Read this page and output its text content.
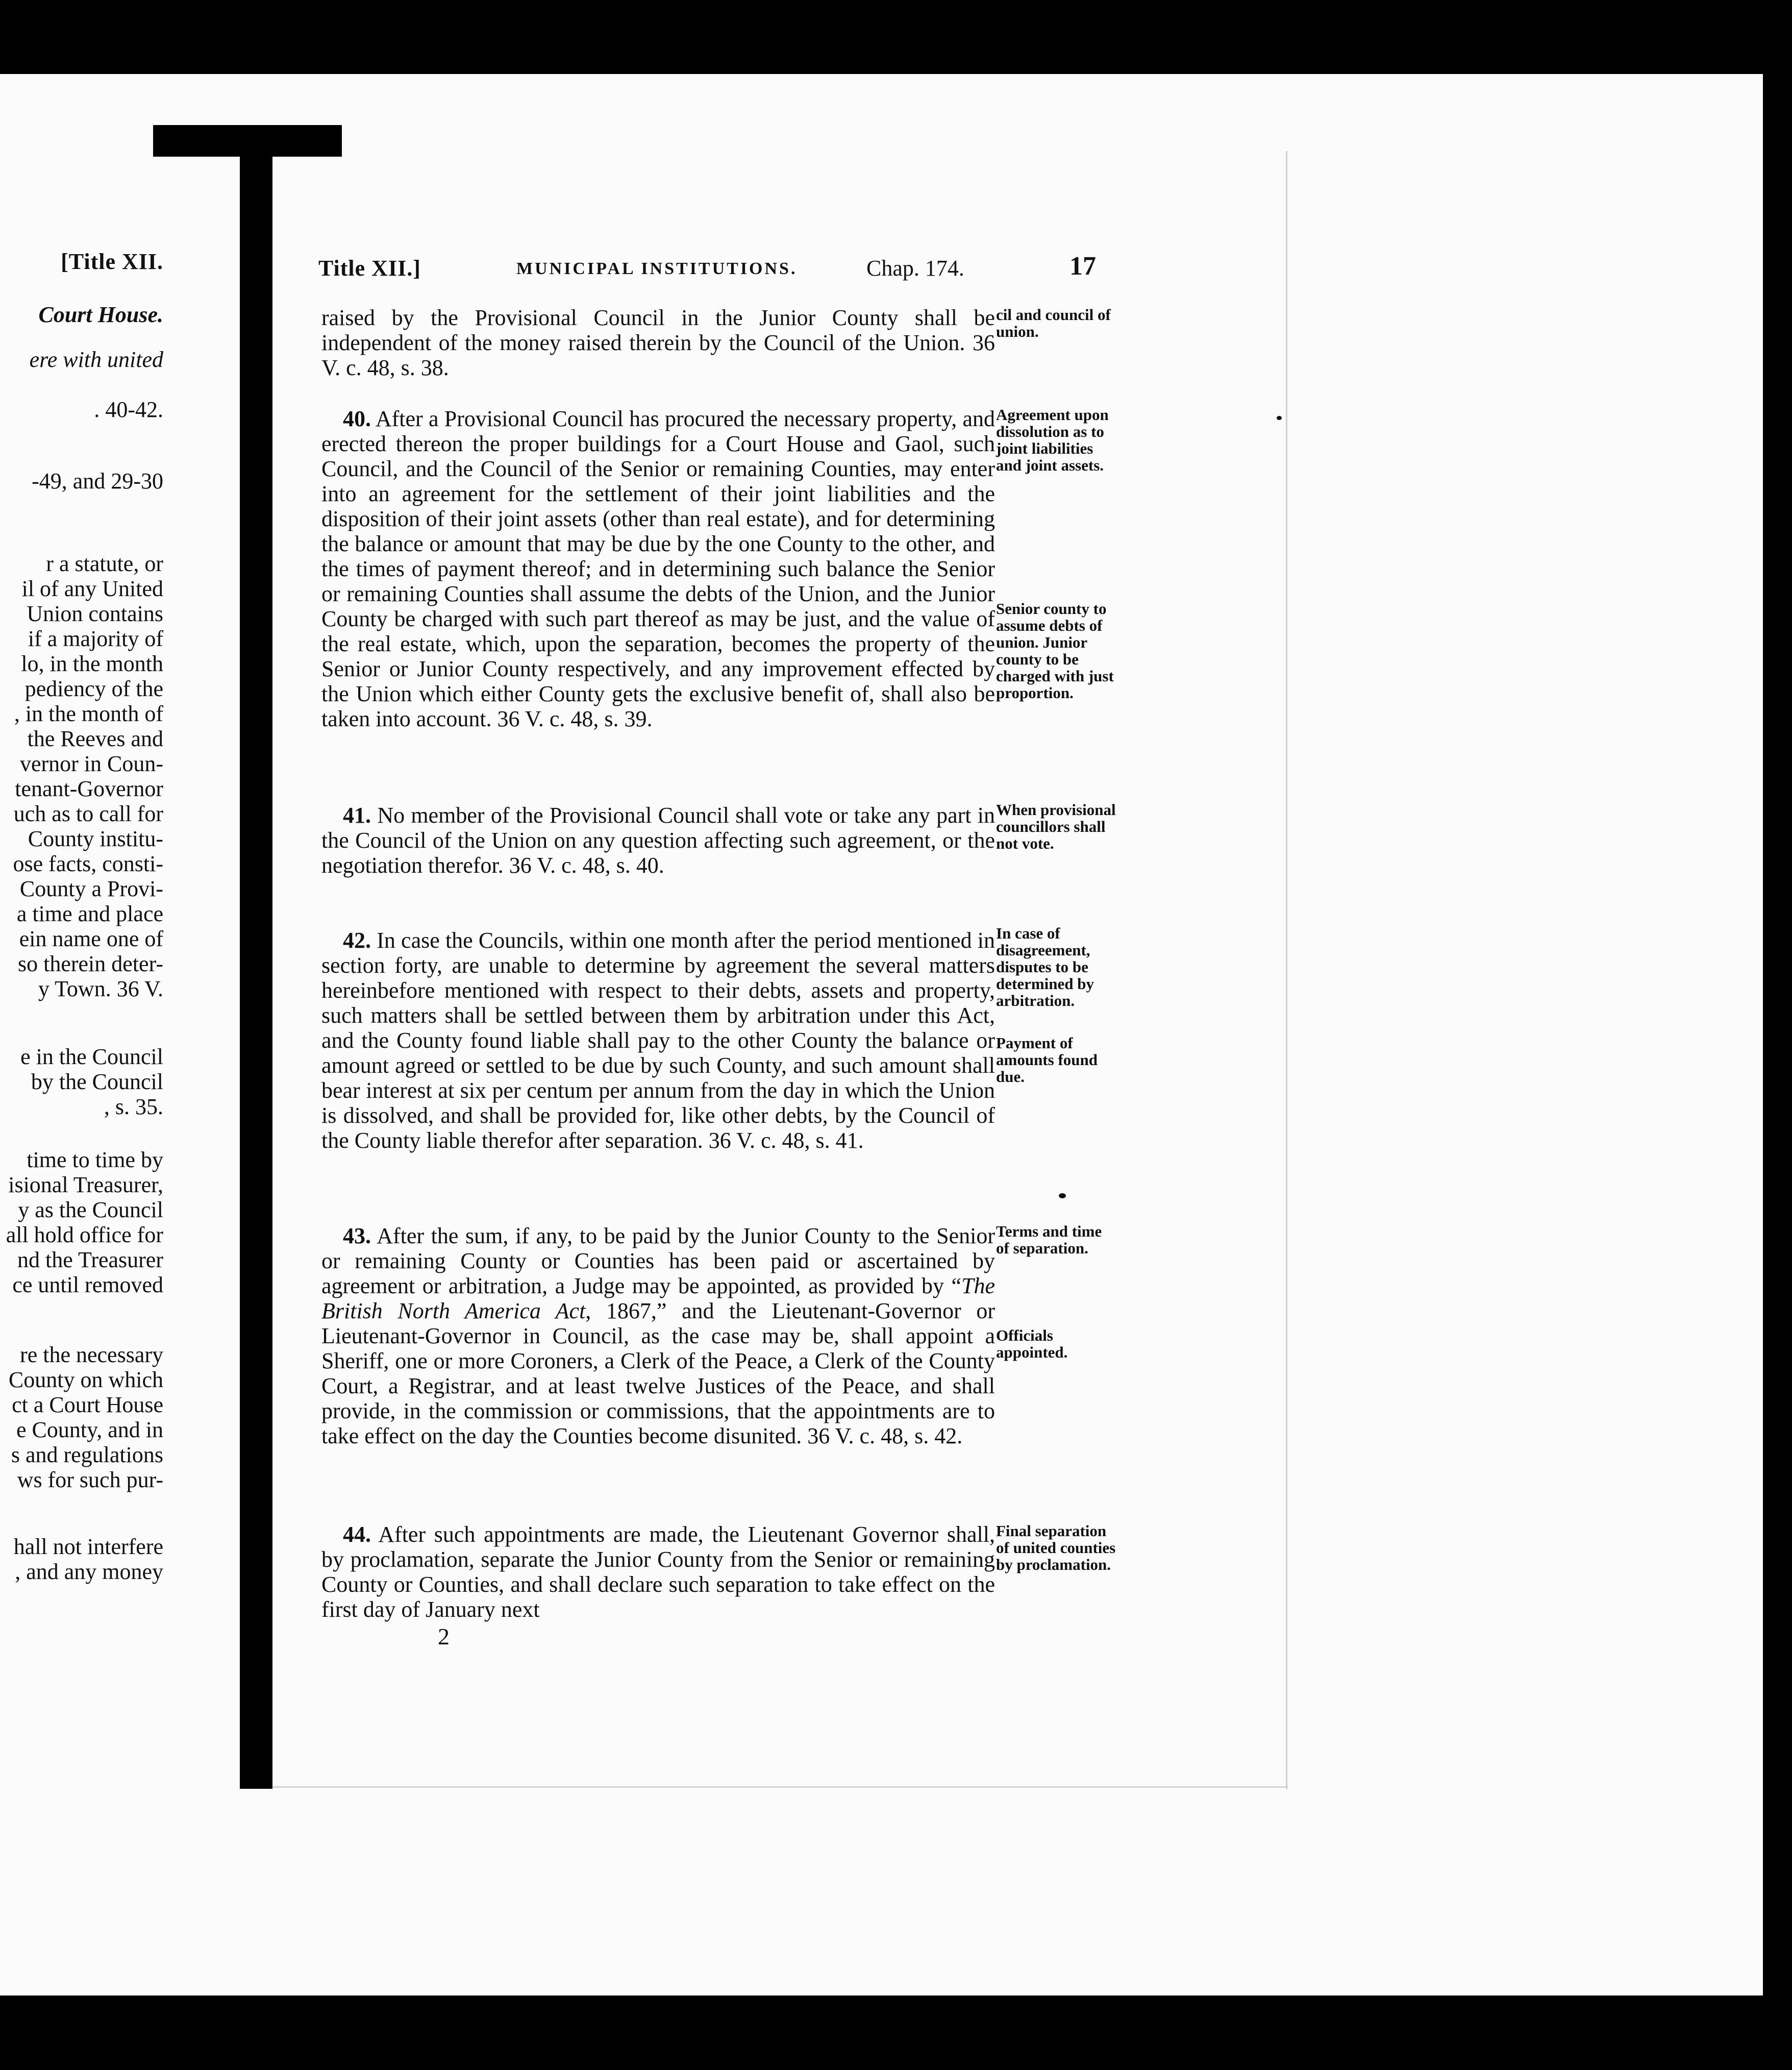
[Title XII.
Court House.
ere with united
. 40-42.
-49, and 29-30
r a statute, or
il of any United
Union contains
if a majority of
lo, in the month
pediency of the
, in the month of
the Reeves and
vernor in Coun-
tenant-Governor
uch as to call for
County institu-
ose facts, consti-
County a Provi-
a time and place
ein name one of
so therein deter-
y Town. 36 V.
e in the Council
by the Council
, s. 35.
time to time by
isional Treasurer,
y as the Council
all hold office for
nd the Treasurer
ce until removed
re the necessary
County on which
ct a Court House
e County, and in
s and regulations
ws for such pur-
hall not interfere
, and any money
Title XII.]	MUNICIPAL INSTITUTIONS.	Chap. 174.	17

raised by the Provisional Council in the Junior County shall be independent of the money raised therein by the Council of the Union. 36 V. c. 48, s. 38.

cil and council of union.

40. After a Provisional Council has procured the necessary property, and erected thereon the proper buildings for a Court House and Gaol, such Council, and the Council of the Senior or remaining Counties, may enter into an agreement for the settlement of their joint liabilities and the disposition of their joint assets (other than real estate), and for determining the balance or amount that may be due by the one County to the other, and the times of payment thereof; and in determining such balance the Senior or remaining Counties shall assume the debts of the Union, and the Junior County be charged with such part thereof as may be just, and the value of the real estate, which, upon the separation, becomes the property of the Senior or Junior County respectively, and any improvement effected by the Union which either County gets the exclusive benefit of, shall also be taken into account. 36 V. c. 48, s. 39.

Agreement upon dissolution as to joint liabilities and joint assets.
Senior county to assume debts of union. Junior county to be charged with just proportion.

41. No member of the Provisional Council shall vote or take any part in the Council of the Union on any question affecting such agreement, or the negotiation therefor. 36 V. c. 48, s. 40.

When provisional councillors shall not vote.

42. In case the Councils, within one month after the period mentioned in section forty, are unable to determine by agreement the several matters hereinbefore mentioned with respect to their debts, assets and property, such matters shall be settled between them by arbitration under this Act, and the County found liable shall pay to the other County the balance or amount agreed or settled to be due by such County, and such amount shall bear interest at six per centum per annum from the day in which the Union is dissolved, and shall be provided for, like other debts, by the Council of the County liable therefor after separation. 36 V. c. 48, s. 41.

In case of disagreement, disputes to be determined by arbitration.
Payment of amounts found due.

43. After the sum, if any, to be paid by the Junior County to the Senior or remaining County or Counties has been paid or ascertained by agreement or arbitration, a Judge may be appointed, as provided by “The British North America Act, 1867,” and the Lieutenant-Governor or Lieutenant-Governor in Council, as the case may be, shall appoint a Sheriff, one or more Coroners, a Clerk of the Peace, a Clerk of the County Court, a Registrar, and at least twelve Justices of the Peace, and shall provide, in the commission or commissions, that the appointments are to take effect on the day the Counties become disunited. 36 V. c. 48, s. 42.

Terms and time of separation.
Officials appointed.

44. After such appointments are made, the Lieutenant Governor shall, by proclamation, separate the Junior County from the Senior or remaining County or Counties, and shall declare such separation to take effect on the first day of January next

Final separation of united counties by proclamation.
2
